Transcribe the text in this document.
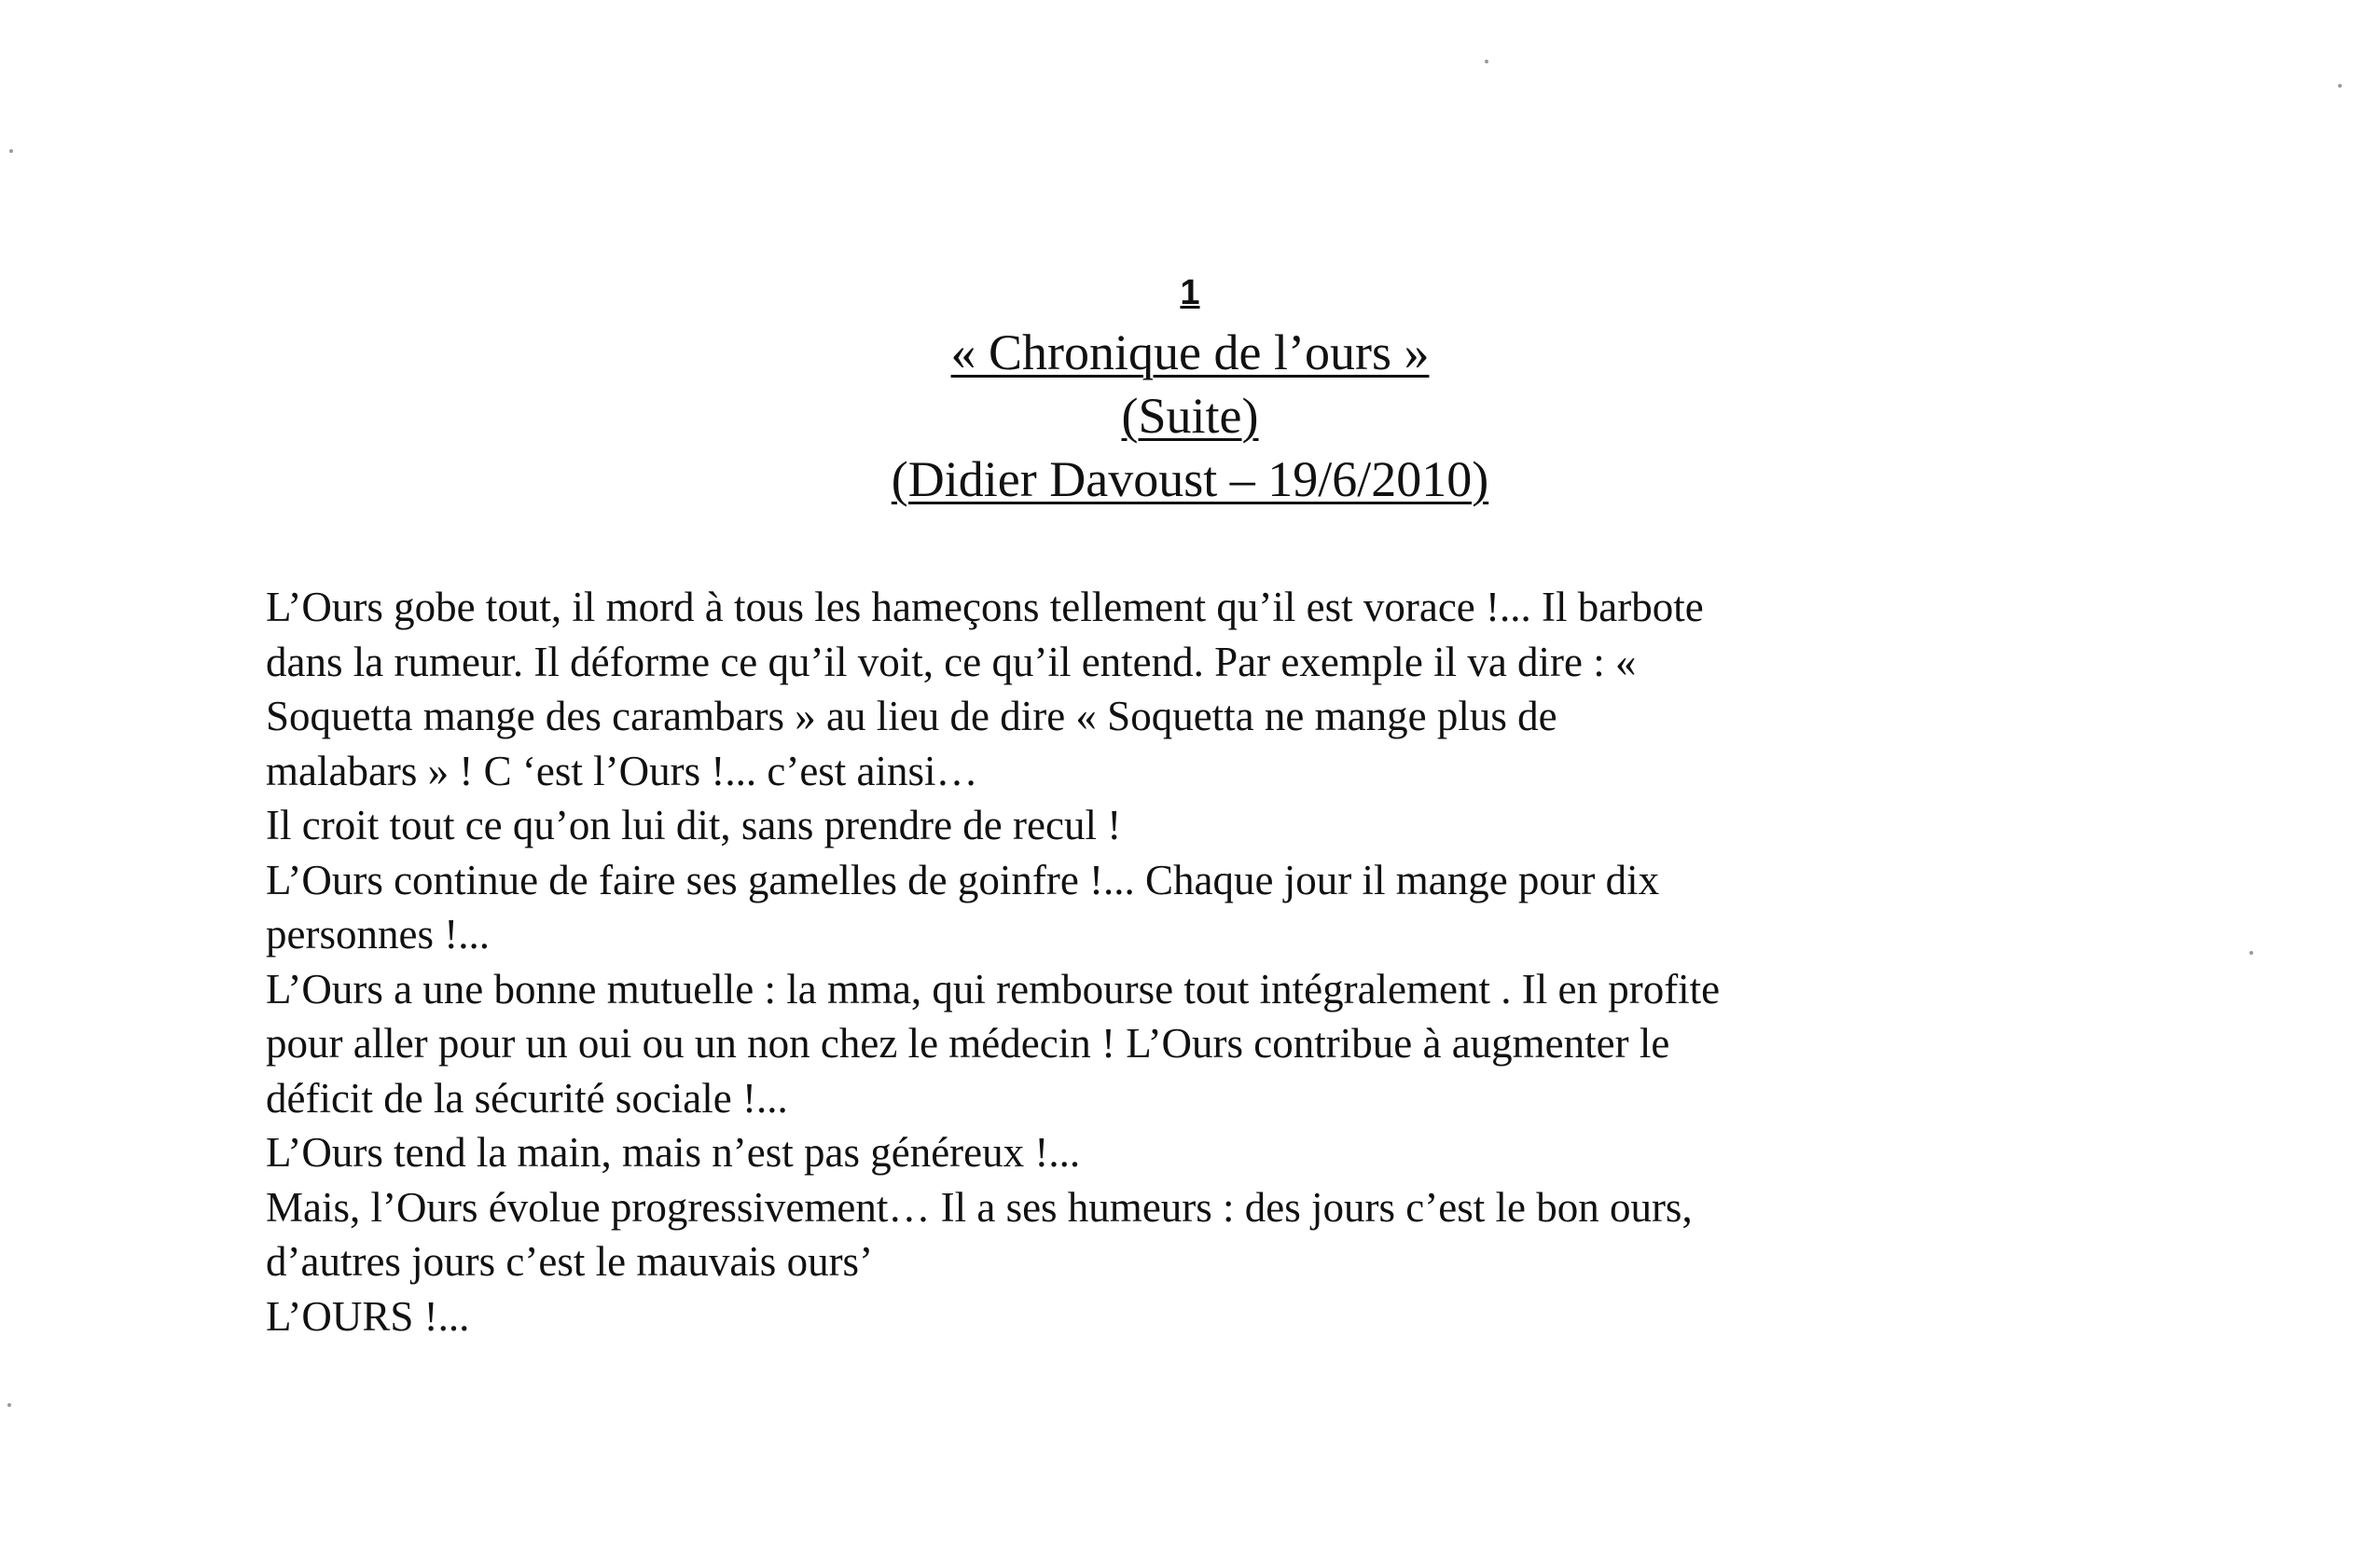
1
« Chronique de l’ours »
(Suite)
(Didier Davoust – 19/6/2010)

L’Ours gobe tout, il mord à tous les hameçons tellement qu’il est vorace !... Il barbote

dans la rumeur. Il déforme ce qu’il voit, ce qu’il entend. Par exemple il va dire : «

Soquetta mange des carambars » au lieu de dire « Soquetta ne mange plus de

malabars » ! C ‘est l’Ours !... c’est ainsi…

Il croit tout ce qu’on lui dit, sans prendre de recul !

L’Ours continue de faire ses gamelles de goinfre !... Chaque jour il mange pour dix

personnes !...

L’Ours a une bonne mutuelle : la mma, qui rembourse tout intégralement . Il en profite

pour aller pour un oui ou un non chez le médecin ! L’Ours contribue à augmenter le

déficit de la sécurité sociale !...

L’Ours tend la main, mais n’est pas généreux !...

Mais, l’Ours évolue progressivement… Il a ses humeurs : des jours c’est le bon ours,

d’autres jours c’est le mauvais ours’

L’OURS !...
